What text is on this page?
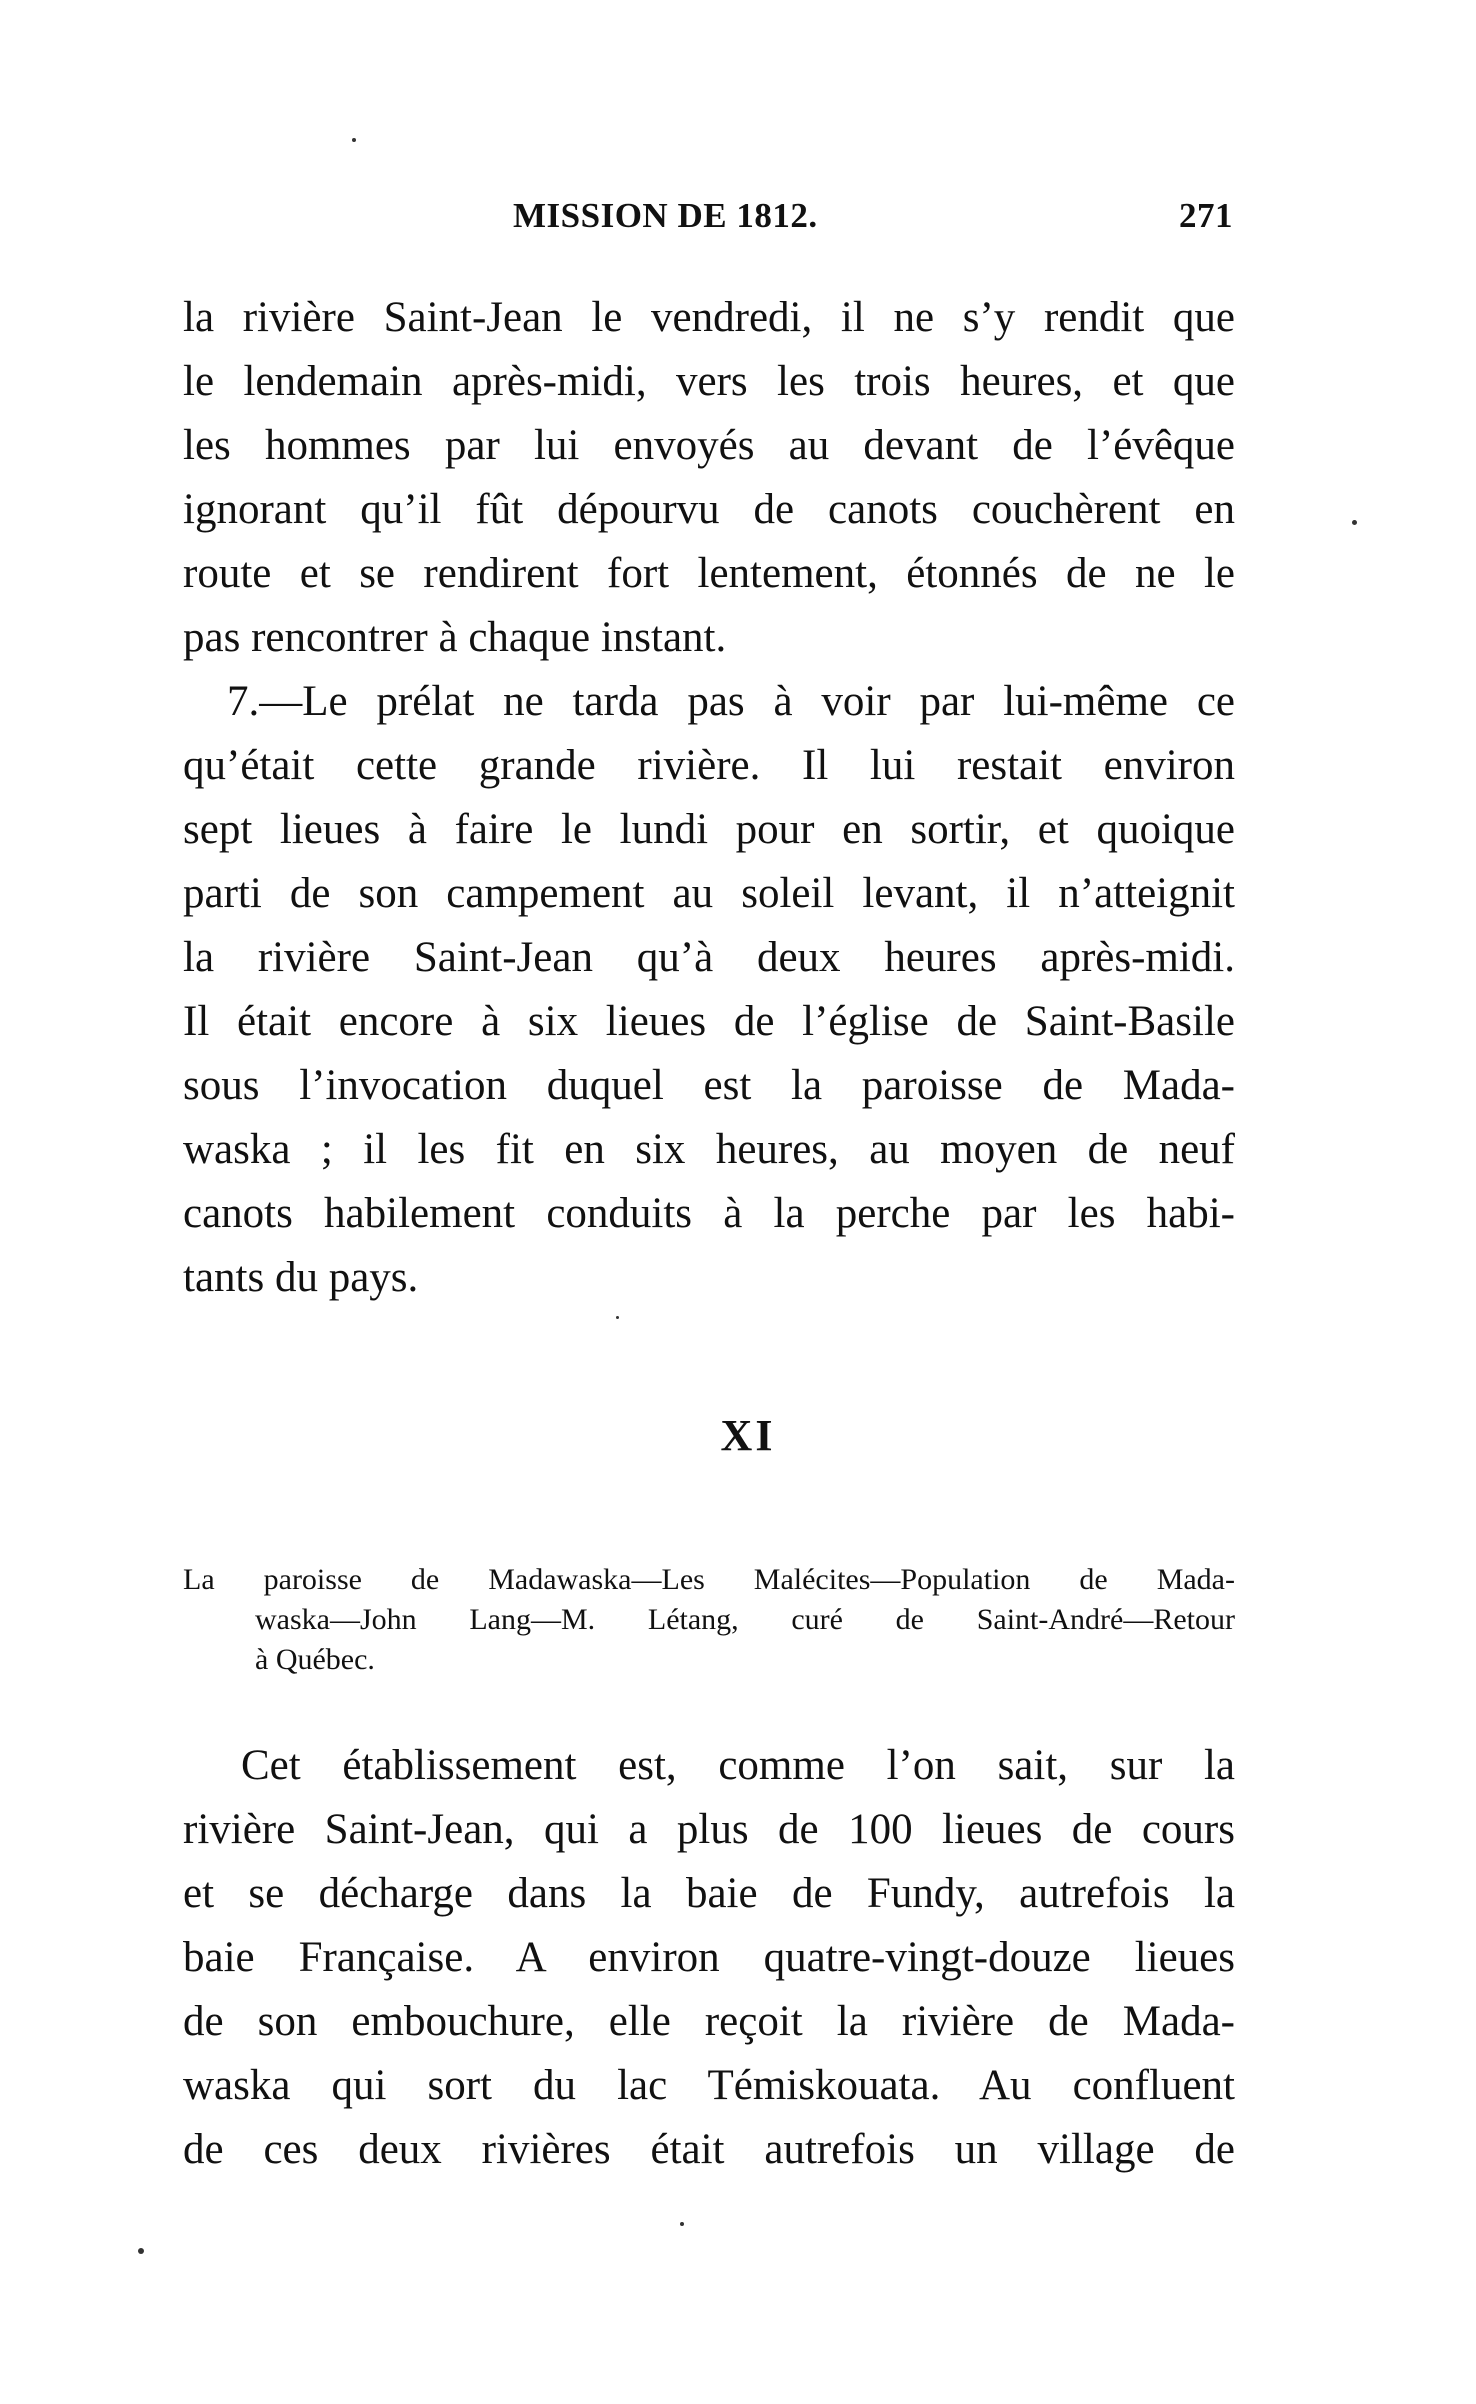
MISSION DE 1812.	271
la rivière Saint-Jean le vendredi, il ne s’y rendit que
le lendemain après-midi, vers les trois heures, et que
les hommes par lui envoyés au devant de l’évêque
ignorant qu’il fût dépourvu de canots couchèrent en
route et se rendirent fort lentement, étonnés de ne le
pas rencontrer à chaque instant.
7.—Le prélat ne tarda pas à voir par lui-même ce
qu’était cette grande rivière. Il lui restait environ
sept lieues à faire le lundi pour en sortir, et quoique
parti de son campement au soleil levant, il n’atteignit
la rivière Saint-Jean qu’à deux heures après-midi.
Il était encore à six lieues de l’église de Saint-Basile
sous l’invocation duquel est la paroisse de Mada-
waska ; il les fit en six heures, au moyen de neuf
canots habilement conduits à la perche par les habi-
tants du pays.
XI
La paroisse de Madawaska—Les Malécites—Population de Mada-
waska—John Lang—M. Létang, curé de Saint-André—Retour
à Québec.
Cet établissement est, comme l’on sait, sur la
rivière Saint-Jean, qui a plus de 100 lieues de cours
et se décharge dans la baie de Fundy, autrefois la
baie Française. A environ quatre-vingt-douze lieues
de son embouchure, elle reçoit la rivière de Mada-
waska qui sort du lac Témiskouata. Au confluent
de ces deux rivières était autrefois un village de
